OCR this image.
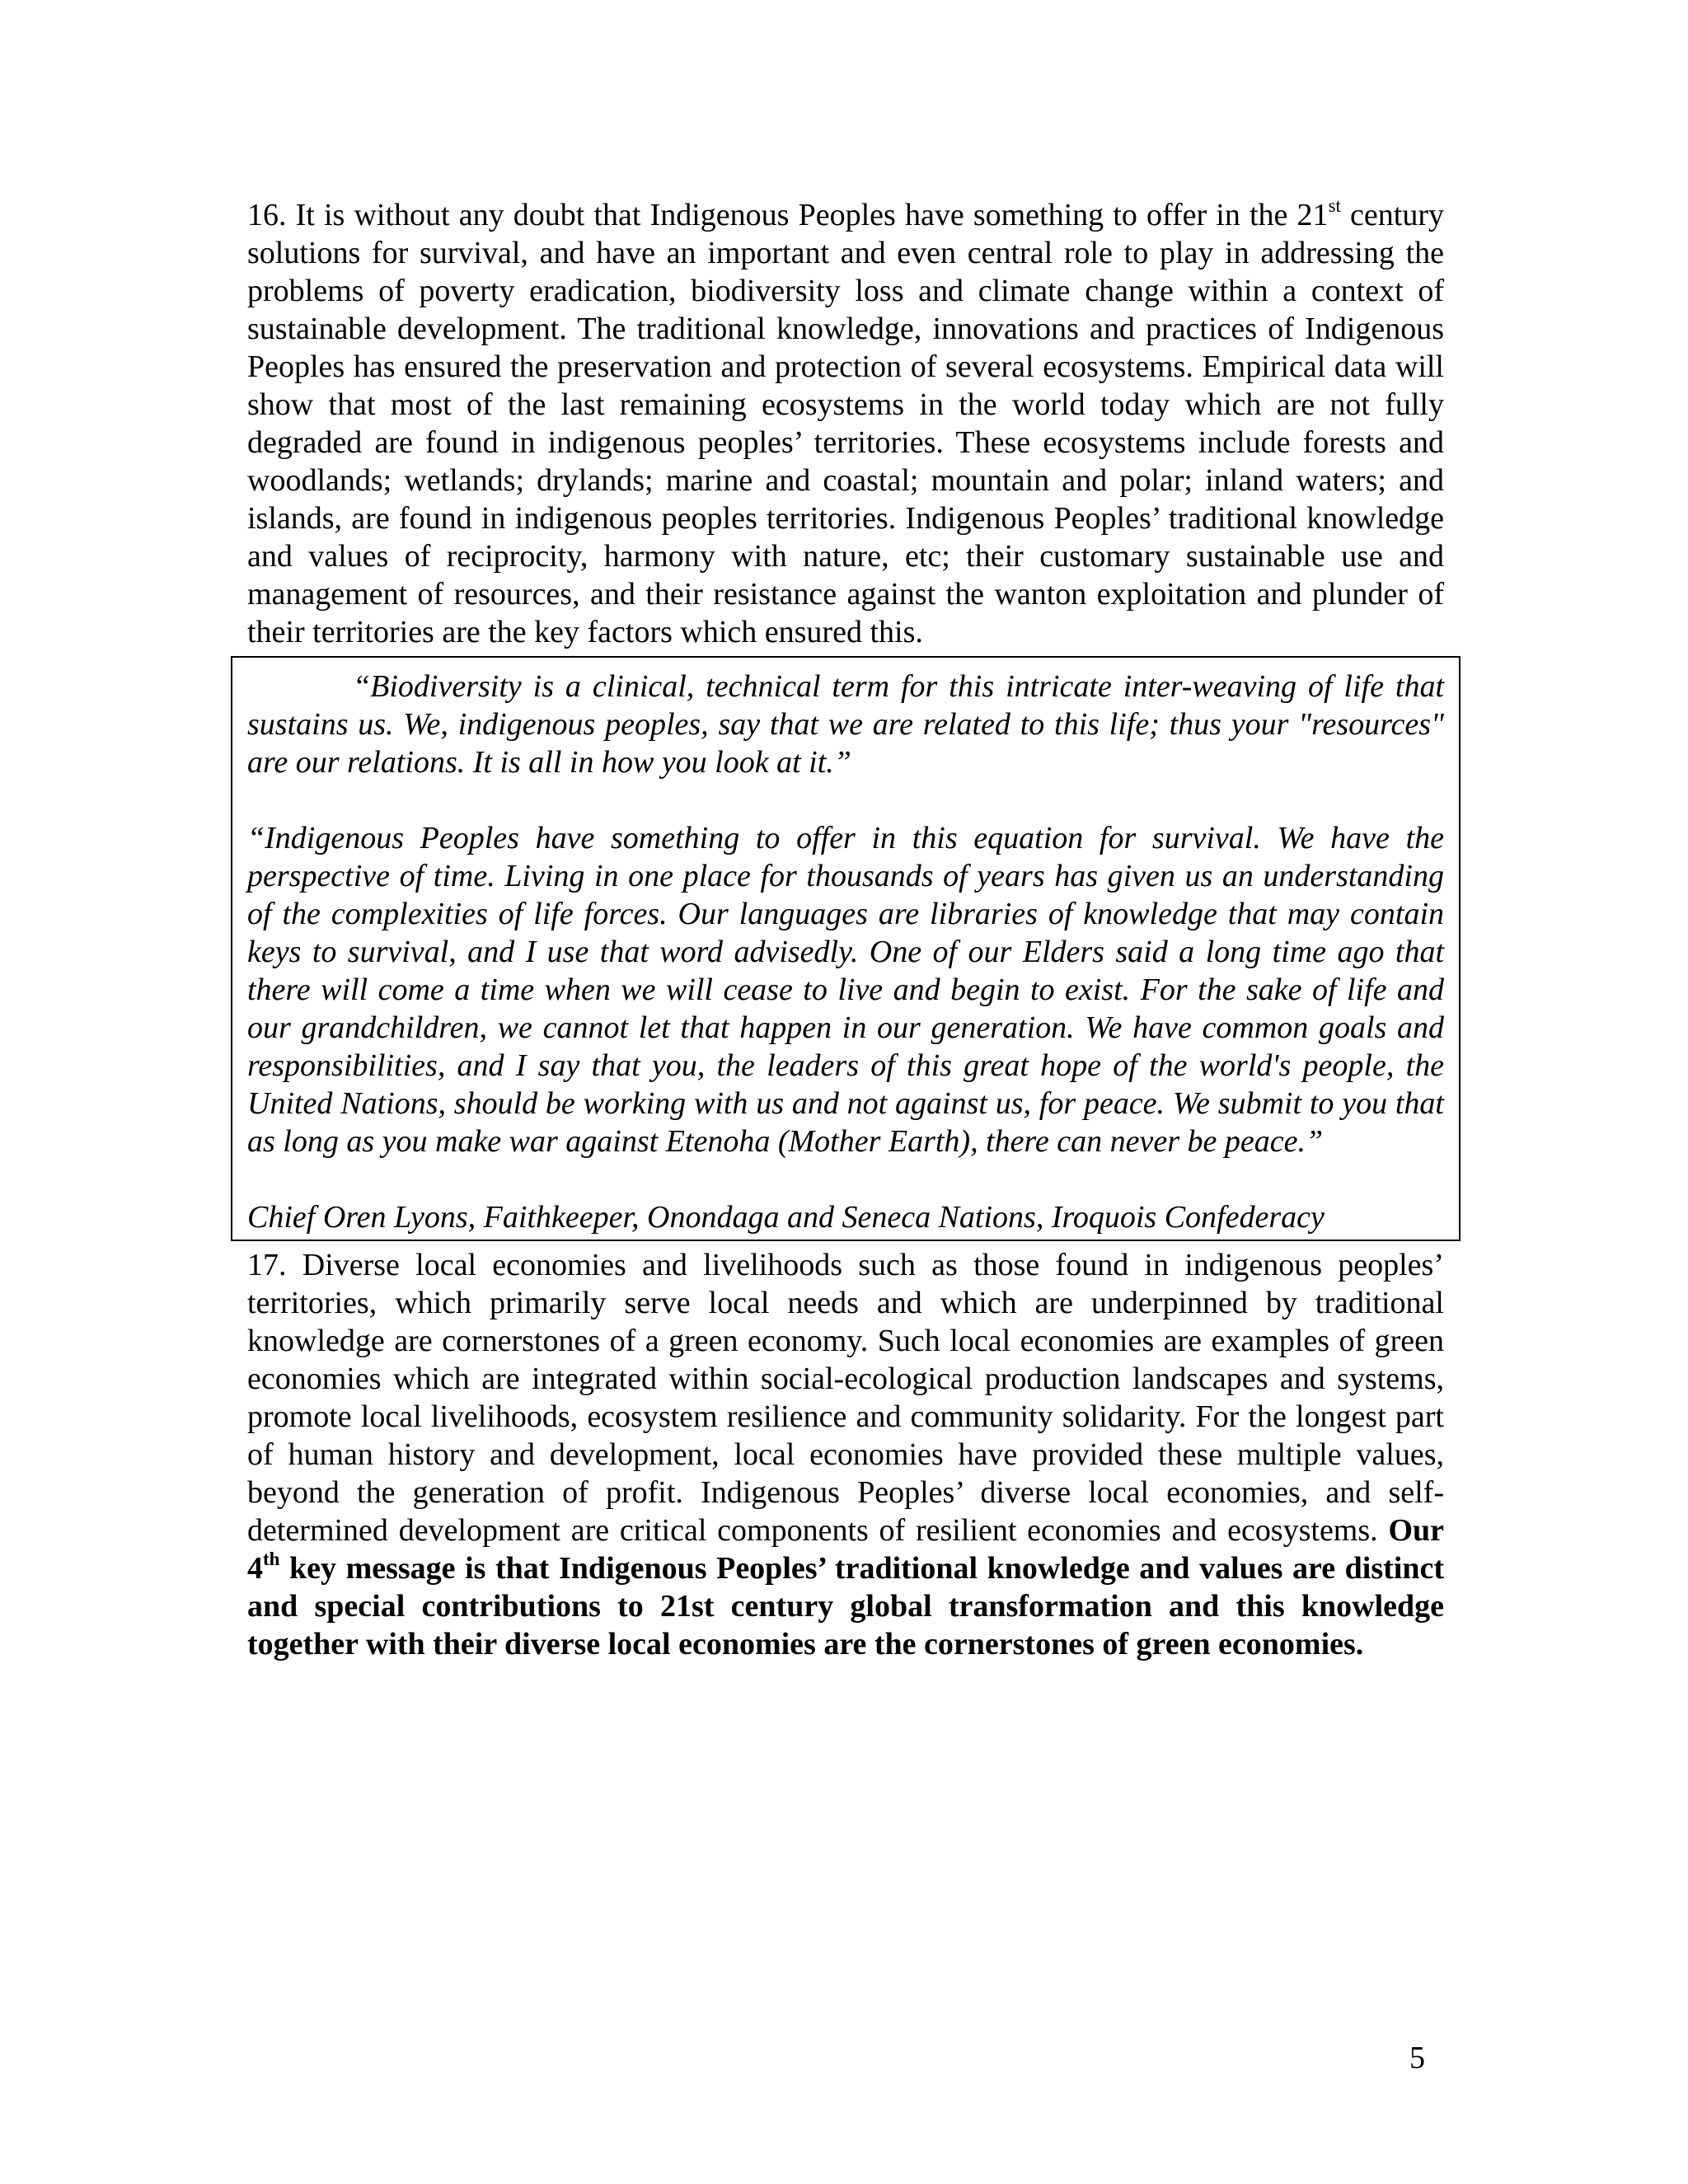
16. It is without any doubt that Indigenous Peoples have something to offer in the 21st century solutions for survival, and have an important and even central role to play in addressing the problems of poverty eradication, biodiversity loss and climate change within a context of sustainable development. The traditional knowledge, innovations and practices of Indigenous Peoples has ensured the preservation and protection of several ecosystems. Empirical data will show that most of the last remaining ecosystems in the world today which are not fully degraded are found in indigenous peoples’ territories. These ecosystems include forests and woodlands; wetlands; drylands; marine and coastal; mountain and polar; inland waters; and islands, are found in indigenous peoples territories. Indigenous Peoples’ traditional knowledge and values of reciprocity, harmony with nature, etc; their customary sustainable use and management of resources, and their resistance against the wanton exploitation and plunder of their territories are the key factors which ensured this.

“Biodiversity is a clinical, technical term for this intricate inter-weaving of life that sustains us. We, indigenous peoples, say that we are related to this life; thus your "resources" are our relations. It is all in how you look at it.”

“Indigenous Peoples have something to offer in this equation for survival. We have the perspective of time. Living in one place for thousands of years has given us an understanding of the complexities of life forces. Our languages are libraries of knowledge that may contain keys to survival, and I use that word advisedly. One of our Elders said a long time ago that there will come a time when we will cease to live and begin to exist. For the sake of life and our grandchildren, we cannot let that happen in our generation. We have common goals and responsibilities, and I say that you, the leaders of this great hope of the world's people, the United Nations, should be working with us and not against us, for peace. We submit to you that as long as you make war against Etenoha (Mother Earth), there can never be peace.”

Chief Oren Lyons, Faithkeeper, Onondaga and Seneca Nations, Iroquois Confederacy

17. Diverse local economies and livelihoods such as those found in indigenous peoples’ territories, which primarily serve local needs and which are underpinned by traditional knowledge are cornerstones of a green economy. Such local economies are examples of green economies which are integrated within social-ecological production landscapes and systems, promote local livelihoods, ecosystem resilience and community solidarity. For the longest part of human history and development, local economies have provided these multiple values, beyond the generation of profit. Indigenous Peoples’ diverse local economies, and self-determined development are critical components of resilient economies and ecosystems. Our 4th key message is that Indigenous Peoples’ traditional knowledge and values are distinct and special contributions to 21st century global transformation and this knowledge together with their diverse local economies are the cornerstones of green economies.

5
